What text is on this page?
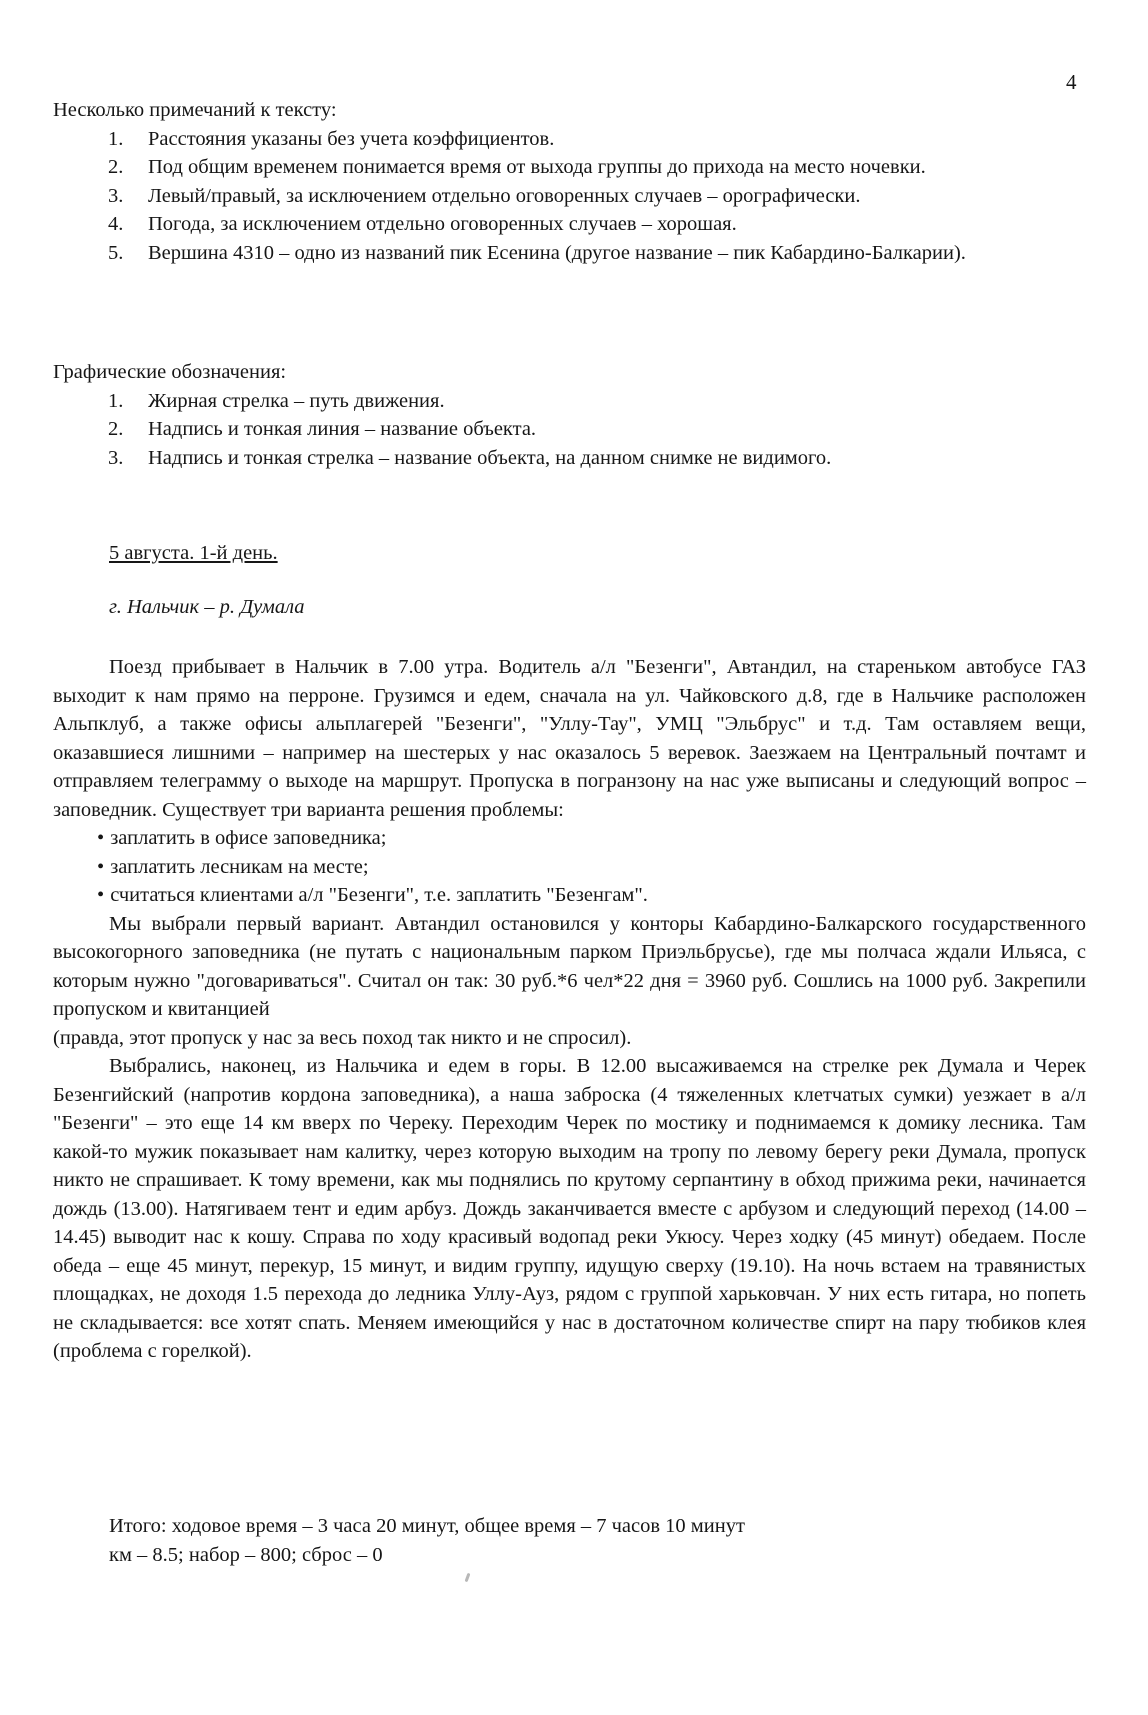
4

Несколько примечаний к тексту:

1. Расстояния указаны без учета коэффициентов.
2. Под общим временем понимается время от выхода группы до прихода на место ночевки.
3. Левый/правый, за исключением отдельно оговоренных случаев – орографически.
4. Погода, за исключением отдельно оговоренных случаев – хорошая.
5. Вершина 4310 – одно из названий пик Есенина (другое название – пик Кабардино-Балкарии).

Графические обозначения:

1. Жирная стрелка – путь движения.
2. Надпись и тонкая линия – название объекта.
3. Надпись и тонкая стрелка – название объекта, на данном снимке не видимого.
5 августа. 1-й день.
г. Нальчик – р. Думала

Поезд прибывает в Нальчик в 7.00 утра. Водитель а/л "Безенги", Автандил, на стареньком автобусе ГАЗ выходит к нам прямо на перроне. Грузимся и едем, сначала на ул. Чайковского д.8, где в Нальчике расположен Альпклуб, а также офисы альплагерей "Безенги", "Уллу-Тау", УМЦ "Эльбрус" и т.д. Там оставляем вещи, оказавшиеся лишними – например на шестерых у нас оказалось 5 веревок. Заезжаем на Центральный почтамт и отправляем телеграмму о выходе на маршрут. Пропуска в погранзону на нас уже выписаны и следующий вопрос – заповедник. Существует три варианта решения проблемы:

• заплатить в офисе заповедника;

• заплатить лесникам на месте;

• считаться клиентами а/л "Безенги", т.е. заплатить "Безенгам".

Мы выбрали первый вариант. Автандил остановился у конторы Кабардино-Балкарского государственного высокогорного заповедника (не путать с национальным парком Приэльбрусье), где мы полчаса ждали Ильяса, с которым нужно "договариваться". Считал он так: 30 руб.*6 чел*22 дня = 3960 руб. Сошлись на 1000 руб. Закрепили пропуском и квитанцией

(правда, этот пропуск у нас за весь поход так никто и не спросил).

Выбрались, наконец, из Нальчика и едем в горы. В 12.00 высаживаемся на стрелке рек Думала и Черек Безенгийский (напротив кордона заповедника), а наша заброска (4 тяжеленных клетчатых сумки) уезжает в а/л "Безенги" – это еще 14 км вверх по Череку. Переходим Черек по мостику и поднимаемся к домику лесника. Там какой-то мужик показывает нам калитку, через которую выходим на тропу по левому берегу реки Думала, пропуск никто не спрашивает. К тому времени, как мы поднялись по крутому серпантину в обход прижима реки, начинается дождь (13.00). Натягиваем тент и едим арбуз. Дождь заканчивается вместе с арбузом и следующий переход (14.00 – 14.45) выводит нас к кошу. Справа по ходу красивый водопад реки Укюсу. Через ходку (45 минут) обедаем. После обеда – еще 45 минут, перекур, 15 минут, и видим группу, идущую сверху (19.10). На ночь встаем на травянистых площадках, не доходя 1.5 перехода до ледника Уллу-Ауз, рядом с группой харьковчан. У них есть гитара, но попеть не складывается: все хотят спать. Меняем имеющийся у нас в достаточном количестве спирт на пару тюбиков клея (проблема с горелкой).

Итого: ходовое время – 3 часа 20 минут, общее время – 7 часов 10 минут

км – 8.5; набор – 800; сброс – 0
